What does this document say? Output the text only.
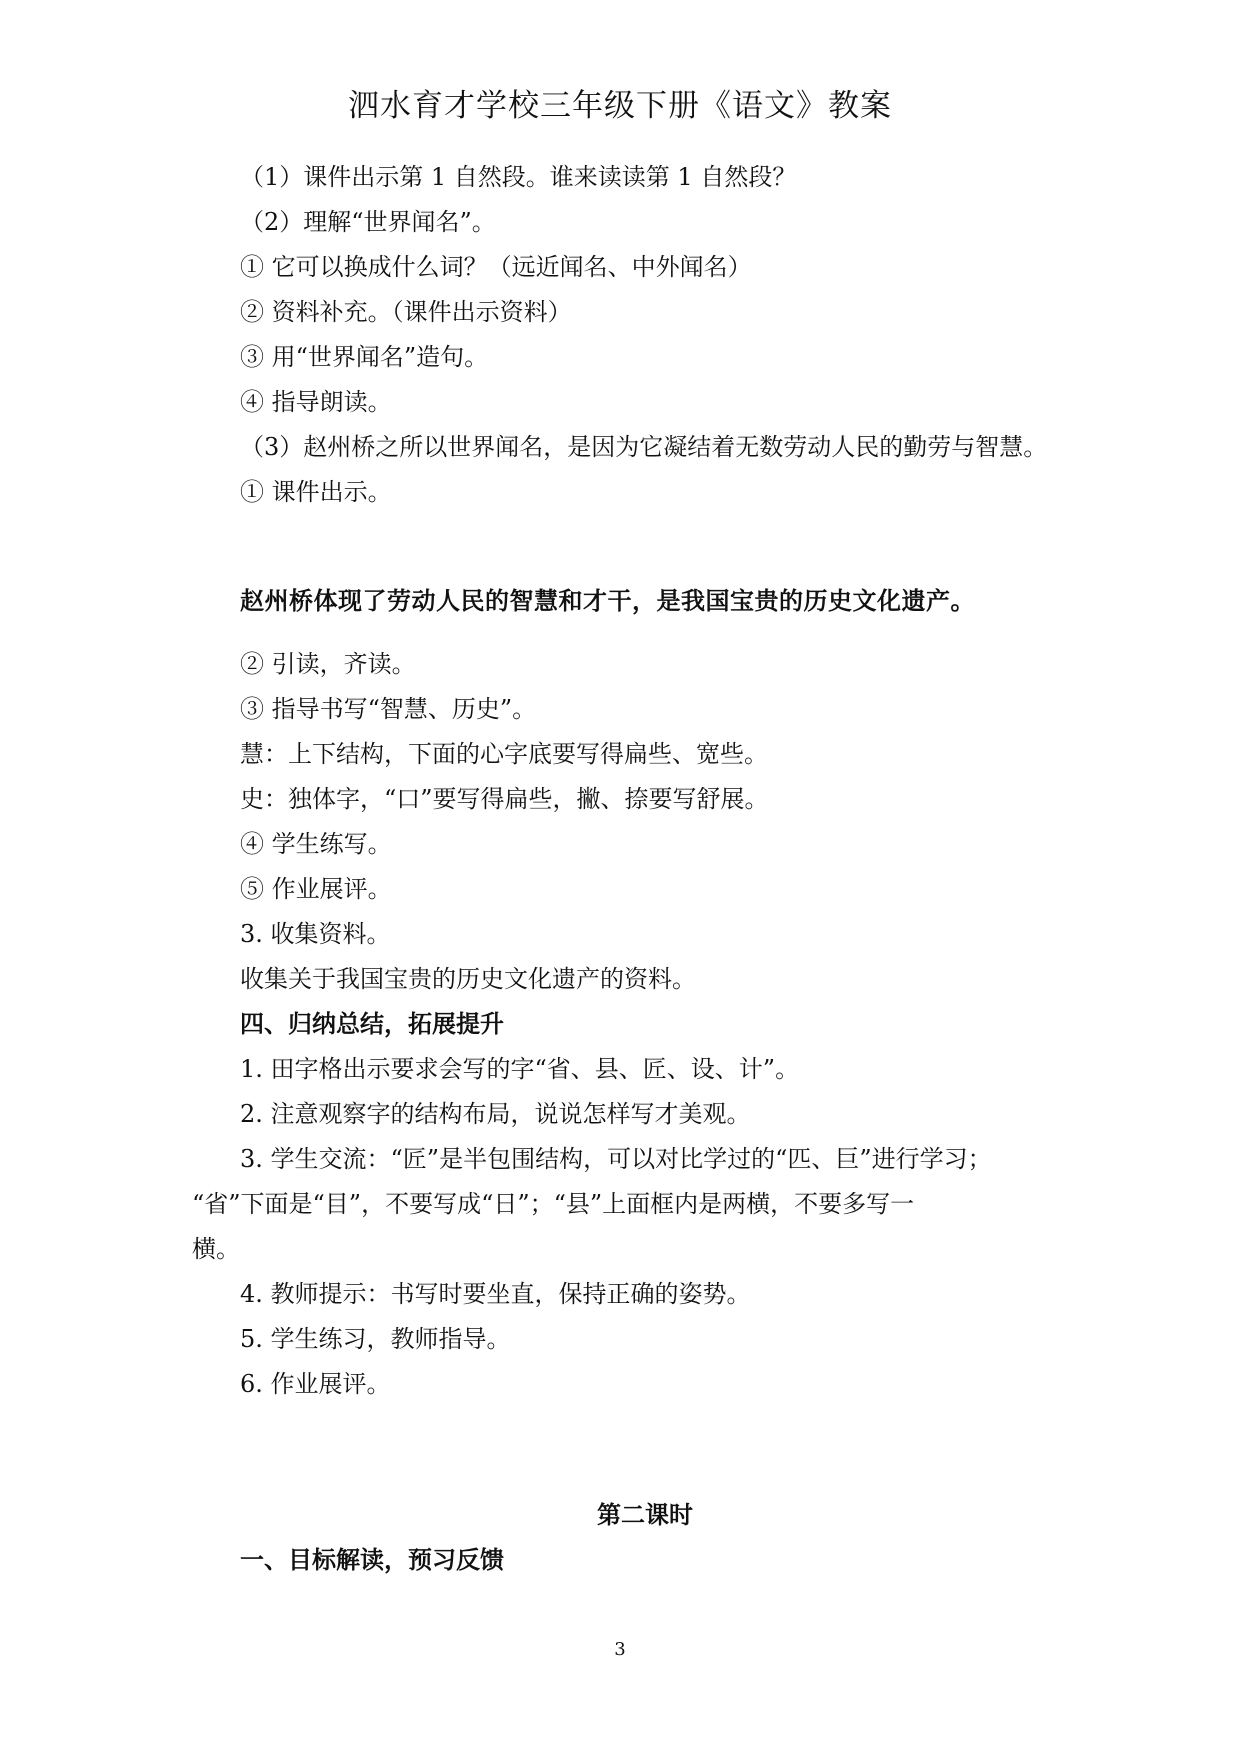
泗水育才学校三年级下册《语文》教案
（1）课件出示第 1 自然段。谁来读读第 1 自然段？
（2）理解“世界闻名”。
① 它可以换成什么词？（远近闻名、中外闻名）
② 资料补充。（课件出示资料）
③ 用“世界闻名”造句。
④ 指导朗读。
（3）赵州桥之所以世界闻名，是因为它凝结着无数劳动人民的勤劳与智慧。
① 课件出示。
赵州桥体现了劳动人民的智慧和才干，是我国宝贵的历史文化遗产。
② 引读，齐读。
③ 指导书写“智慧、历史”。
慧：上下结构，下面的心字底要写得扁些、宽些。
史：独体字，“口”要写得扁些，撇、捺要写舒展。
④ 学生练写。
⑤ 作业展评。
3. 收集资料。
收集关于我国宝贵的历史文化遗产的资料。
四、归纳总结，拓展提升
1. 田字格出示要求会写的字“省、县、匠、设、计”。
2. 注意观察字的结构布局，说说怎样写才美观。
3. 学生交流：“匠”是半包围结构，可以对比学过的“匹、巨”进行学习；
“省”下面是“目”，不要写成“日”；“县”上面框内是两横，不要多写一
横。
4. 教师提示：书写时要坐直，保持正确的姿势。
5. 学生练习，教师指导。
6. 作业展评。
第二课时
一、目标解读，预习反馈
3
